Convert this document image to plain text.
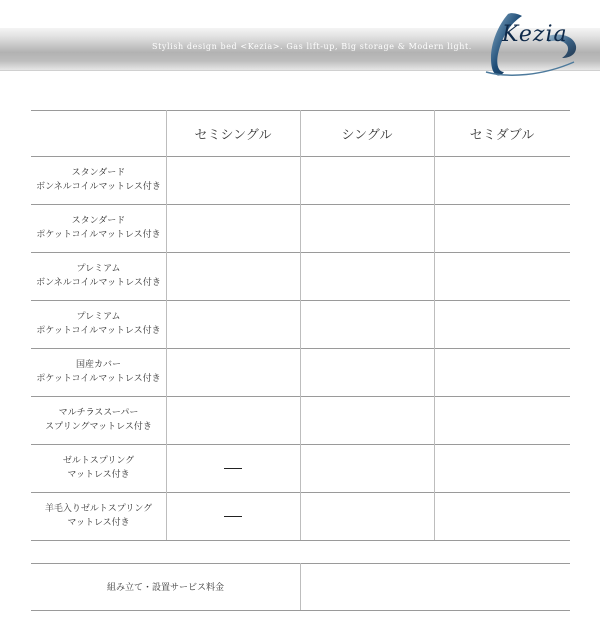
Stylish design bed <Kezia>. Gas lift-up, Big storage & Modern light. Kezia
セミシングル	シングル	セミダブル
スタンダード
ボンネルコイルマットレス付き
スタンダード
ポケットコイルマットレス付き
プレミアム
ボンネルコイルマットレス付き
プレミアム
ポケットコイルマットレス付き
国産カバー
ポケットコイルマットレス付き
マルチラススーパー
スプリングマットレス付き
ゼルトスプリング
マットレス付き
羊毛入りゼルトスプリング
マットレス付き
組み立て・設置サービス料金
